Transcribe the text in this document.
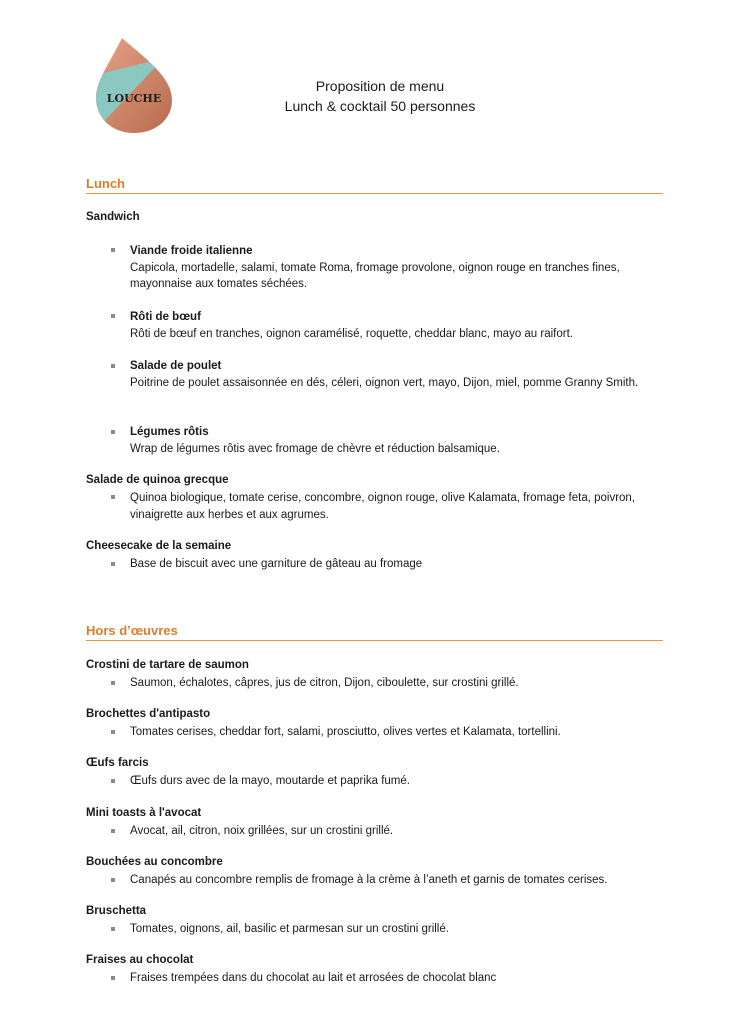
LOUCHE
Proposition de menu
Lunch & cocktail 50 personnes
Lunch
Sandwich
Viande froide italienne
Capicola, mortadelle, salami, tomate Roma, fromage provolone, oignon rouge en tranches fines, mayonnaise aux tomates séchées.
Rôti de bœuf
Rôti de bœuf en tranches, oignon caramélisé, roquette, cheddar blanc, mayo au raifort.
Salade de poulet
Poitrine de poulet assaisonnée en dés, céleri, oignon vert, mayo, Dijon, miel, pomme Granny Smith.
Légumes rôtis
Wrap de légumes rôtis avec fromage de chèvre et réduction balsamique.
Salade de quinoa grecque
Quinoa biologique, tomate cerise, concombre, oignon rouge, olive Kalamata, fromage feta, poivron, vinaigrette aux herbes et aux agrumes.
Cheesecake de la semaine
Base de biscuit avec une garniture de gâteau au fromage
Hors d’œuvres
Crostini de tartare de saumon
Saumon, échalotes, câpres, jus de citron, Dijon, ciboulette, sur crostini grillé.
Brochettes d'antipasto
Tomates cerises, cheddar fort, salami, prosciutto, olives vertes et Kalamata, tortellini.
Œufs farcis
Œufs durs avec de la mayo, moutarde et paprika fumé.
Mini toasts à l'avocat
Avocat, ail, citron, noix grillées, sur un crostini grillé.
Bouchées au concombre
Canapés au concombre remplis de fromage à la crème à l’aneth et garnis de tomates cerises.
Bruschetta
Tomates, oignons, ail, basilic et parmesan sur un crostini grillé.
Fraises au chocolat
Fraises trempées dans du chocolat au lait et arrosées de chocolat blanc
